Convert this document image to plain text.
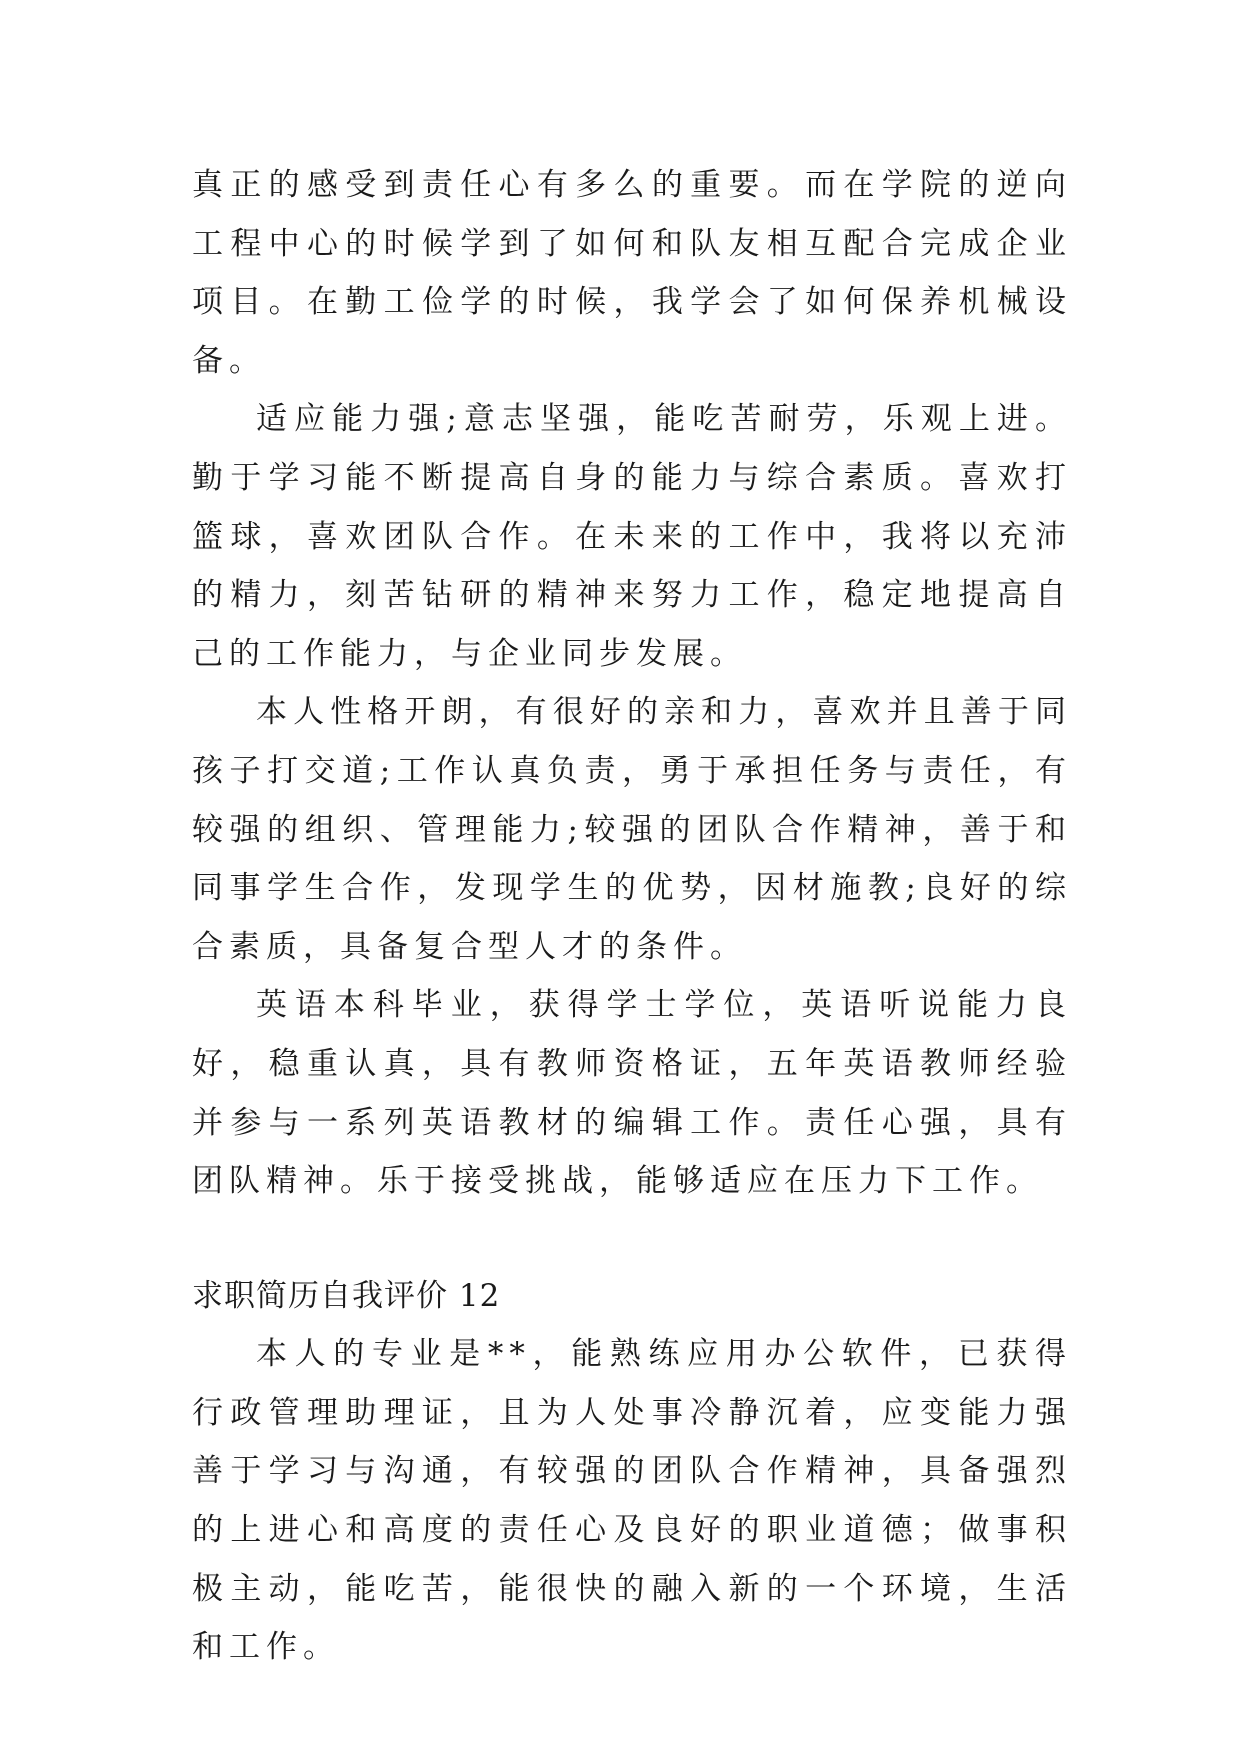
真正的感受到责任心有多么的重要。而在学院的逆向工程中心的时候学到了如何和队友相互配合完成企业项目。在勤工俭学的时候，我学会了如何保养机械设备。

适应能力强;意志坚强，能吃苦耐劳，乐观上进。勤于学习能不断提高自身的能力与综合素质。喜欢打篮球，喜欢团队合作。在未来的工作中，我将以充沛的精力，刻苦钻研的精神来努力工作，稳定地提高自己的工作能力，与企业同步发展。

本人性格开朗，有很好的亲和力，喜欢并且善于同孩子打交道;工作认真负责，勇于承担任务与责任，有较强的组织、管理能力;较强的团队合作精神，善于和同事学生合作，发现学生的优势，因材施教;良好的综合素质，具备复合型人才的条件。

英语本科毕业，获得学士学位，英语听说能力良好，稳重认真，具有教师资格证，五年英语教师经验并参与一系列英语教材的编辑工作。责任心强，具有团队精神。乐于接受挑战，能够适应在压力下工作。

求职简历自我评价 12

本人的专业是**，能熟练应用办公软件，已获得行政管理助理证，且为人处事冷静沉着，应变能力强善于学习与沟通，有较强的团队合作精神，具备强烈的上进心和高度的责任心及良好的职业道德；做事积极主动，能吃苦，能很快的融入新的一个环境，生活和工作。
